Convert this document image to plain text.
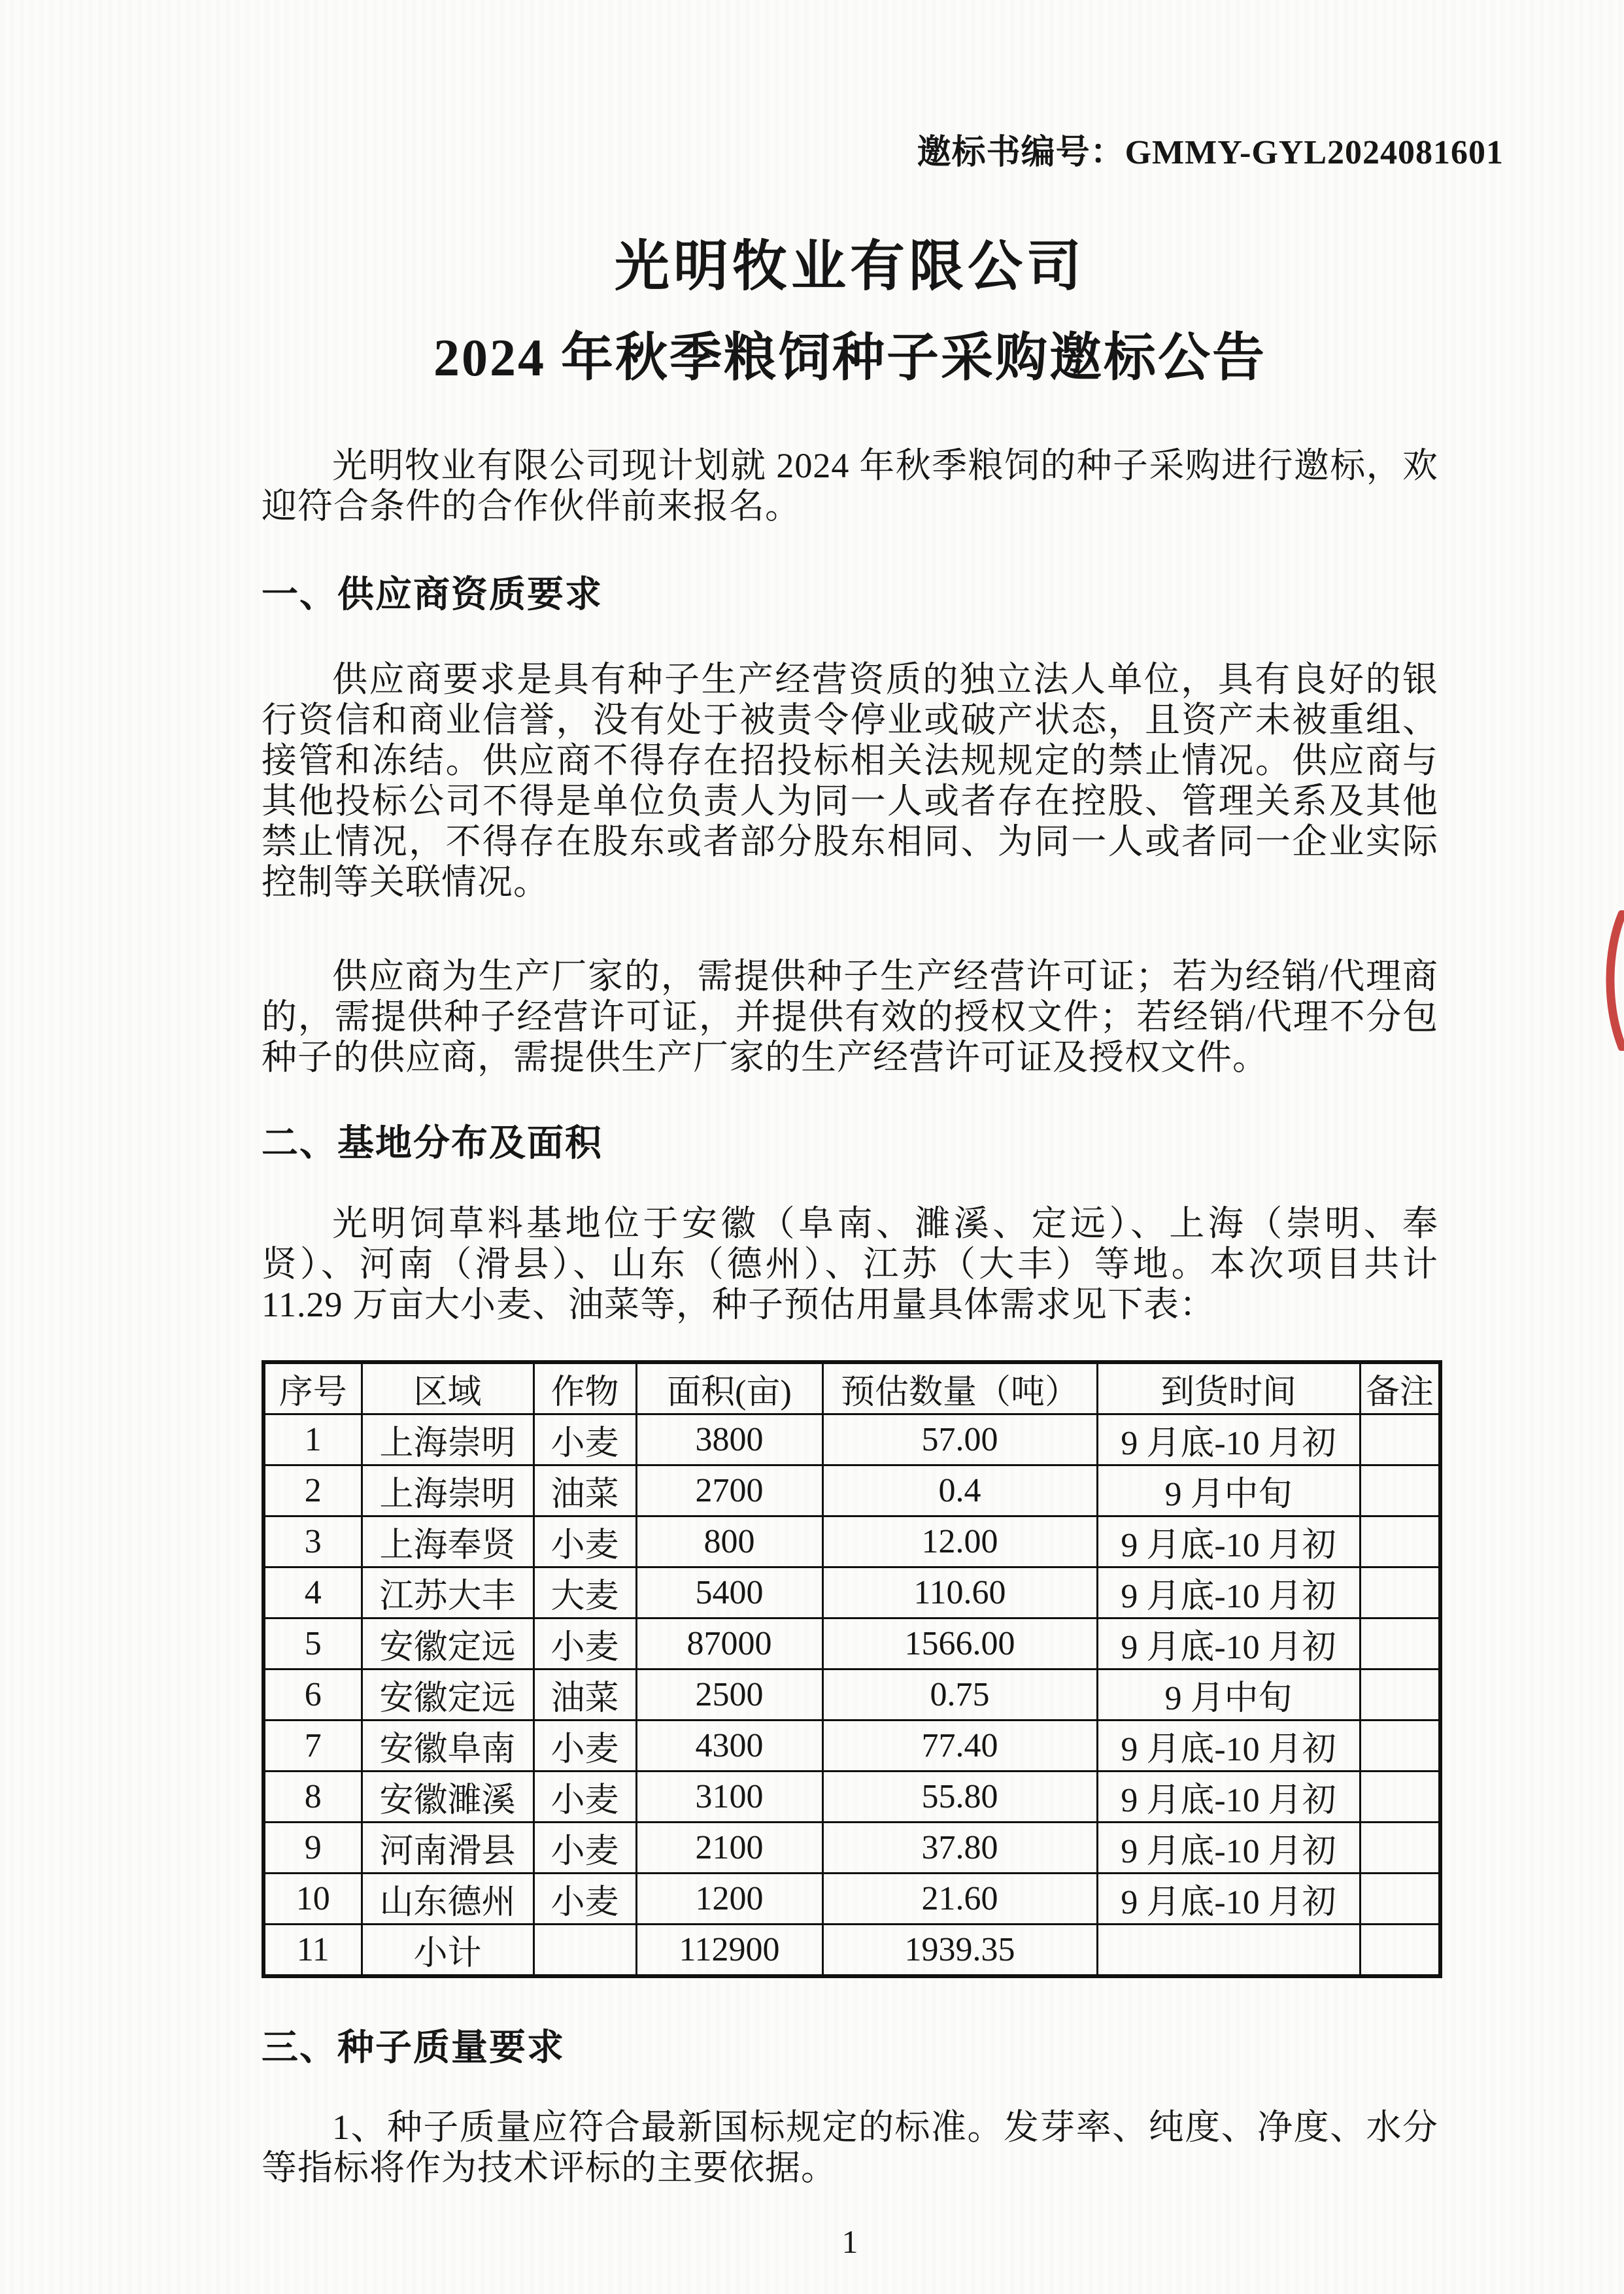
邀标书编号：GMMY-GYL2024081601
光明牧业有限公司
2024 年秋季粮饲种子采购邀标公告

光明牧业有限公司现计划就 2024 年秋季粮饲的种子采购进行邀标，欢迎符合条件的合作伙伴前来报名。

一、供应商资质要求

供应商要求是具有种子生产经营资质的独立法人单位，具有良好的银行资信和商业信誉，没有处于被责令停业或破产状态，且资产未被重组、接管和冻结。供应商不得存在招投标相关法规规定的禁止情况。供应商与其他投标公司不得是单位负责人为同一人或者存在控股、管理关系及其他禁止情况，不得存在股东或者部分股东相同、为同一人或者同一企业实际控制等关联情况。

供应商为生产厂家的，需提供种子生产经营许可证；若为经销/代理商的，需提供种子经营许可证，并提供有效的授权文件；若经销/代理不分包种子的供应商，需提供生产厂家的生产经营许可证及授权文件。

二、基地分布及面积

光明饲草料基地位于安徽（阜南、濉溪、定远）、上海（崇明、奉贤）、河南（滑县）、山东（德州）、江苏（大丰）等地。本次项目共计 11.29 万亩大小麦、油菜等，种子预估用量具体需求见下表：

序号	区域	作物	面积(亩)	预估数量（吨）	到货时间	备注
1	上海崇明	小麦	3800	57.00	9 月底-10 月初	
2	上海崇明	油菜	2700	0.4	9 月中旬	
3	上海奉贤	小麦	800	12.00	9 月底-10 月初	
4	江苏大丰	大麦	5400	110.60	9 月底-10 月初	
5	安徽定远	小麦	87000	1566.00	9 月底-10 月初	
6	安徽定远	油菜	2500	0.75	9 月中旬	
7	安徽阜南	小麦	4300	77.40	9 月底-10 月初	
8	安徽濉溪	小麦	3100	55.80	9 月底-10 月初	
9	河南滑县	小麦	2100	37.80	9 月底-10 月初	
10	山东德州	小麦	1200	21.60	9 月底-10 月初	
11	小计		112900	1939.35		
三、种子质量要求

1、种子质量应符合最新国标规定的标准。发芽率、纯度、净度、水分等指标将作为技术评标的主要依据。

1
